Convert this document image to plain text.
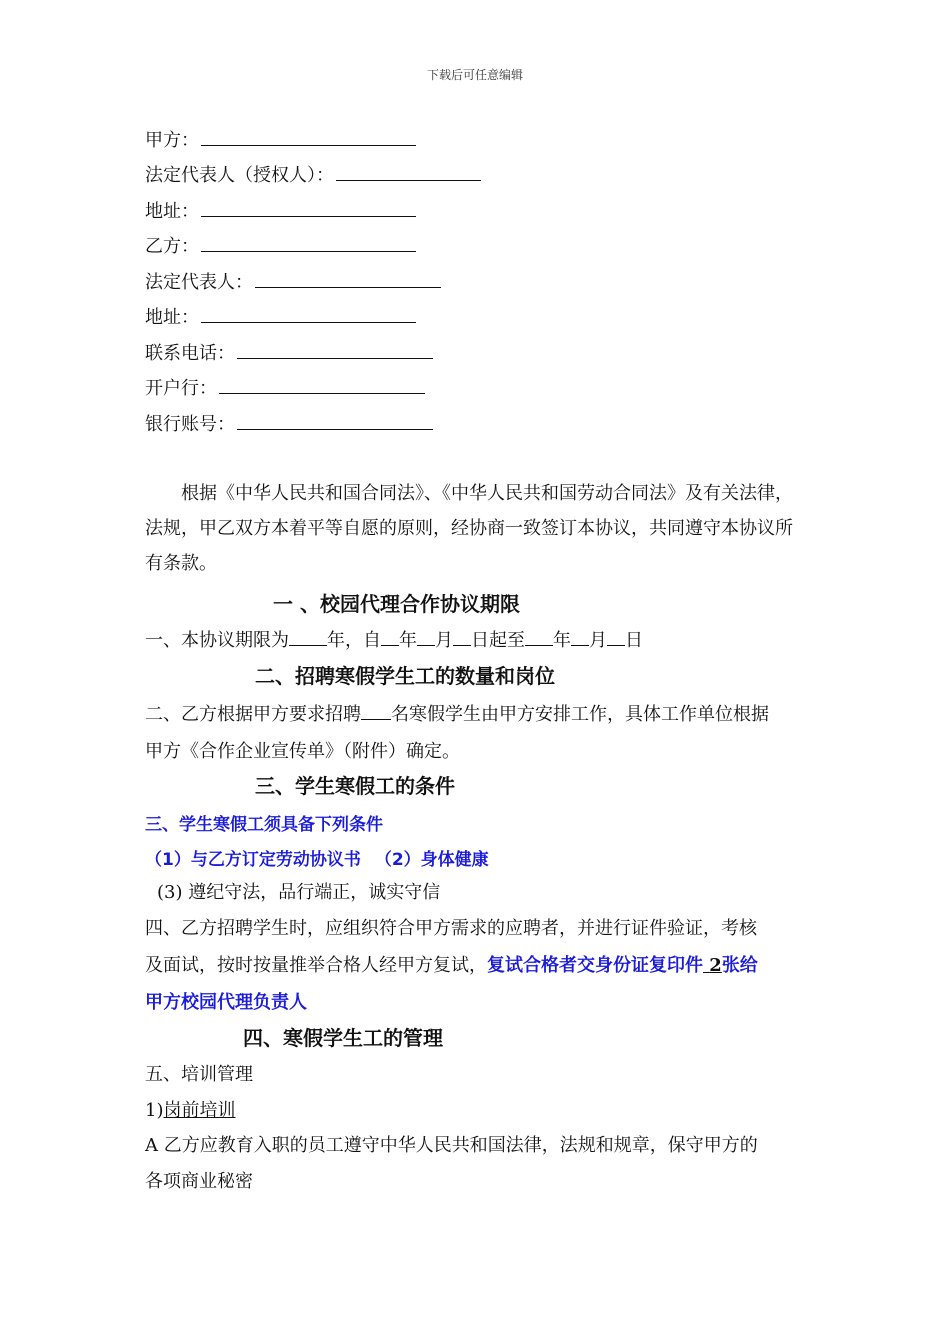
下载后可任意编辑
甲方：
法定代表人（授权人）：
地址：
乙方：
法定代表人：
地址：
联系电话：
开户行：
银行账号：
根据《中华人民共和国合同法》、《中华人民共和国劳动合同法》及有关法律，法规，甲乙双方本着平等自愿的原则，经协商一致签订本协议，共同遵守本协议所有条款。
一 、校园代理合作协议期限
一、本协议期限为 年，自 年 月 日起至 年 月 日
二、招聘寒假学生工的数量和岗位
二、乙方根据甲方要求招聘 名寒假学生由甲方安排工作，具体工作单位根据
甲方《合作企业宣传单》（附件）确定。
三、学生寒假工的条件
三、学生寒假工须具备下列条件
（1）与乙方订定劳动协议书 （2）身体健康
(3) 遵纪守法，品行端正，诚实守信
四、乙方招聘学生时，应组织符合甲方需求的应聘者，并进行证件验证，考核
及面试，按时按量推举合格人经甲方复试，复试合格者交身份证复印件 2张给
甲方校园代理负责人
四、寒假学生工的管理
五、培训管理
1)岗前培训
A 乙方应教育入职的员工遵守中华人民共和国法律，法规和规章，保守甲方的
各项商业秘密
